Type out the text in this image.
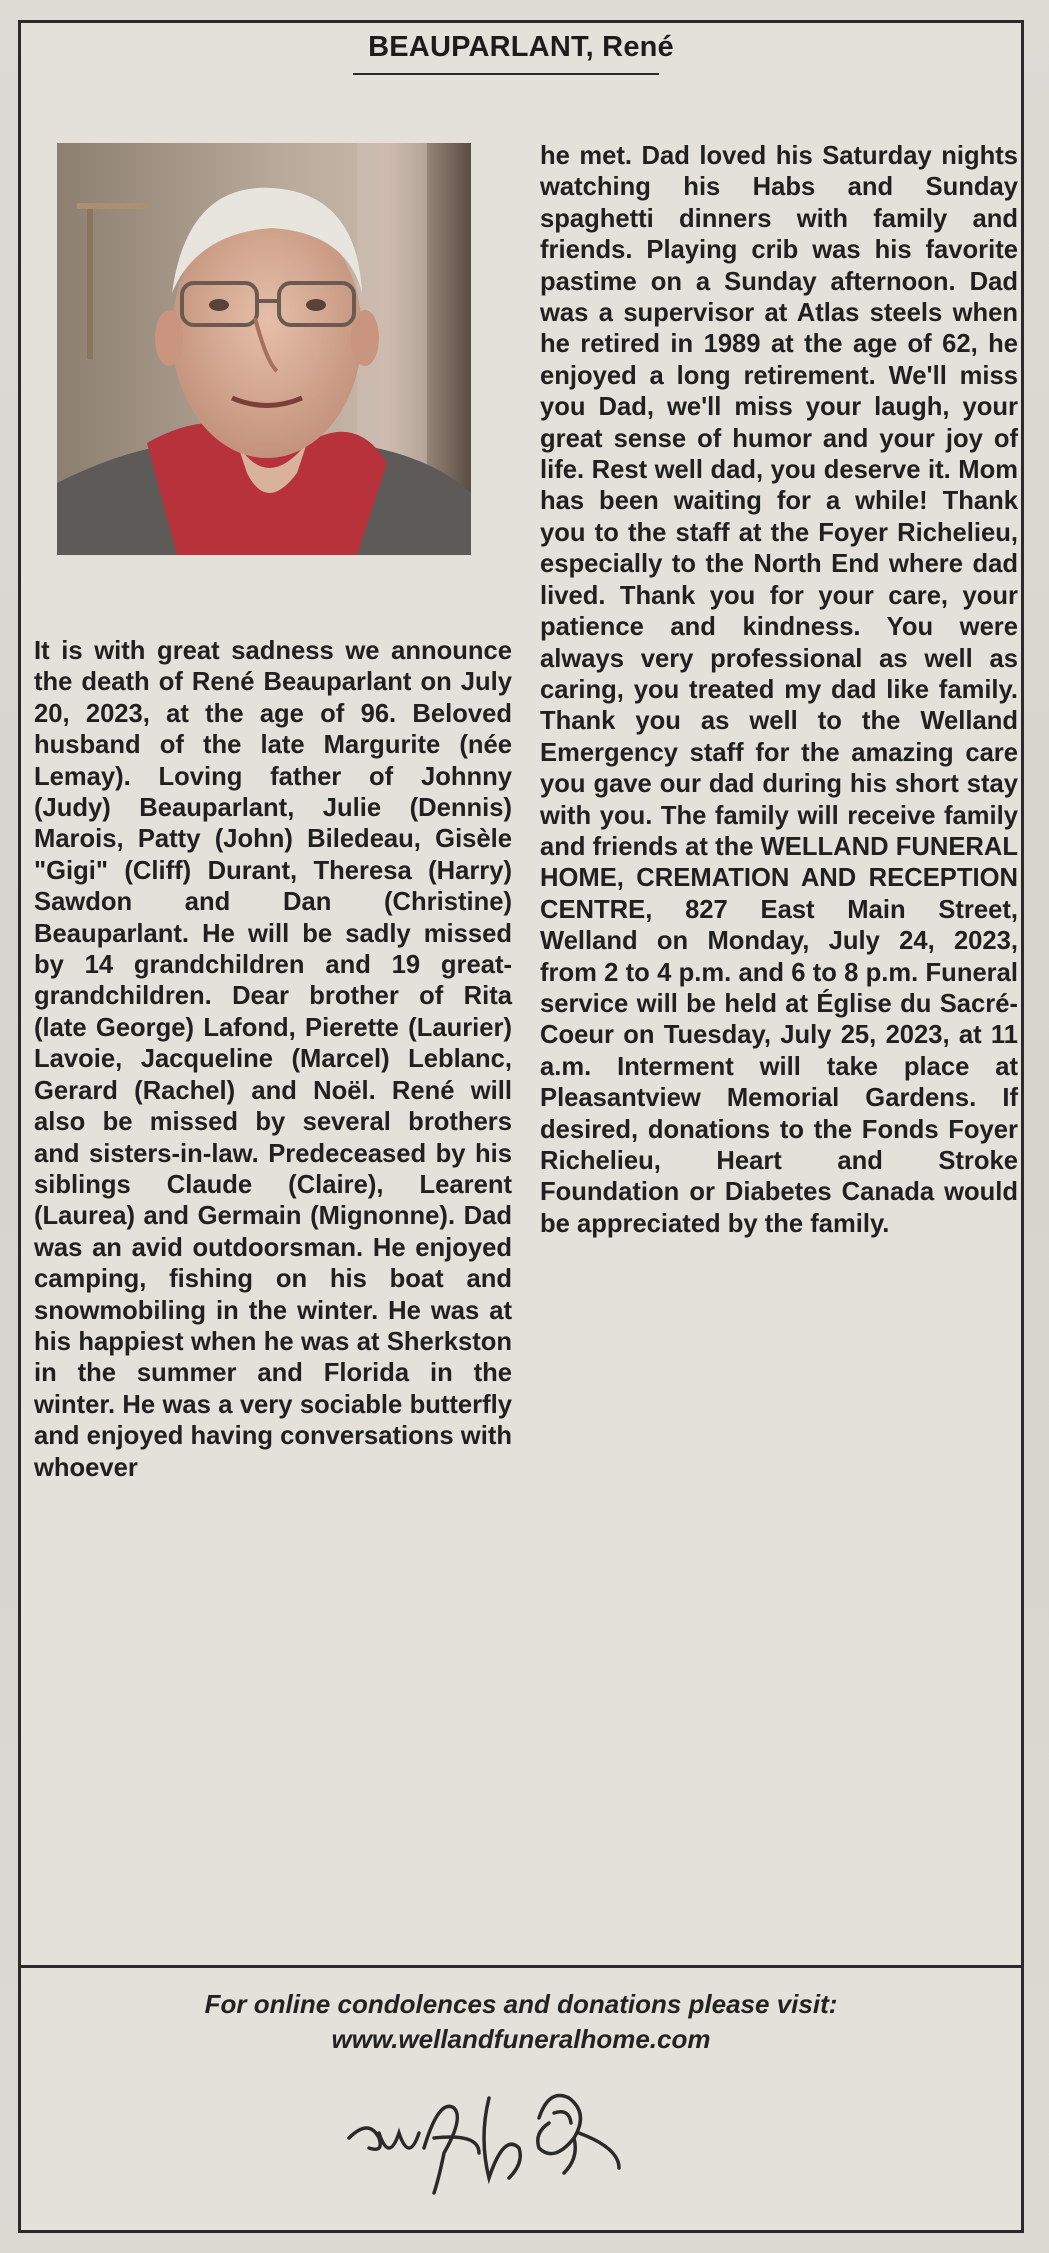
BEAUPARLANT, René
It is with great sadness we announce the death of René Beauparlant on July 20, 2023, at the age of 96. Beloved husband of the late Margurite (née Lemay). Loving father of Johnny (Judy) Beauparlant, Julie (Dennis) Marois, Patty (John) Biledeau, Gisèle "Gigi" (Cliff) Durant, Theresa (Harry) Sawdon and Dan (Christine) Beauparlant. He will be sadly missed by 14 grandchildren and 19 great-grandchildren. Dear brother of Rita (late George) Lafond, Pierette (Laurier) Lavoie, Jacqueline (Marcel) Leblanc, Gerard (Rachel) and Noël. René will also be missed by several brothers and sisters-in-law. Predeceased by his siblings Claude (Claire), Learent (Laurea) and Germain (Mignonne). Dad was an avid outdoorsman. He enjoyed camping, fishing on his boat and snowmobiling in the winter. He was at his happiest when he was at Sherkston in the summer and Florida in the winter. He was a very sociable butterfly and enjoyed having conversations with whoever
he met. Dad loved his Saturday nights watching his Habs and Sunday spaghetti dinners with family and friends. Playing crib was his favorite pastime on a Sunday afternoon. Dad was a supervisor at Atlas steels when he retired in 1989 at the age of 62, he enjoyed a long retirement. We'll miss you Dad, we'll miss your laugh, your great sense of humor and your joy of life. Rest well dad, you deserve it. Mom has been waiting for a while! Thank you to the staff at the Foyer Richelieu, especially to the North End where dad lived. Thank you for your care, your patience and kindness. You were always very professional as well as caring, you treated my dad like family. Thank you as well to the Welland Emergency staff for the amazing care you gave our dad during his short stay with you. The family will receive family and friends at the WELLAND FUNERAL HOME, CREMATION AND RECEPTION CENTRE, 827 East Main Street, Welland on Monday, July 24, 2023, from 2 to 4 p.m. and 6 to 8 p.m. Funeral service will be held at Église du Sacré-Coeur on Tuesday, July 25, 2023, at 11 a.m. Interment will take place at Pleasantview Memorial Gardens. If desired, donations to the Fonds Foyer Richelieu, Heart and Stroke Foundation or Diabetes Canada would be appreciated by the family.
For online condolences and donations please visit:
www.wellandfuneralhome.com
